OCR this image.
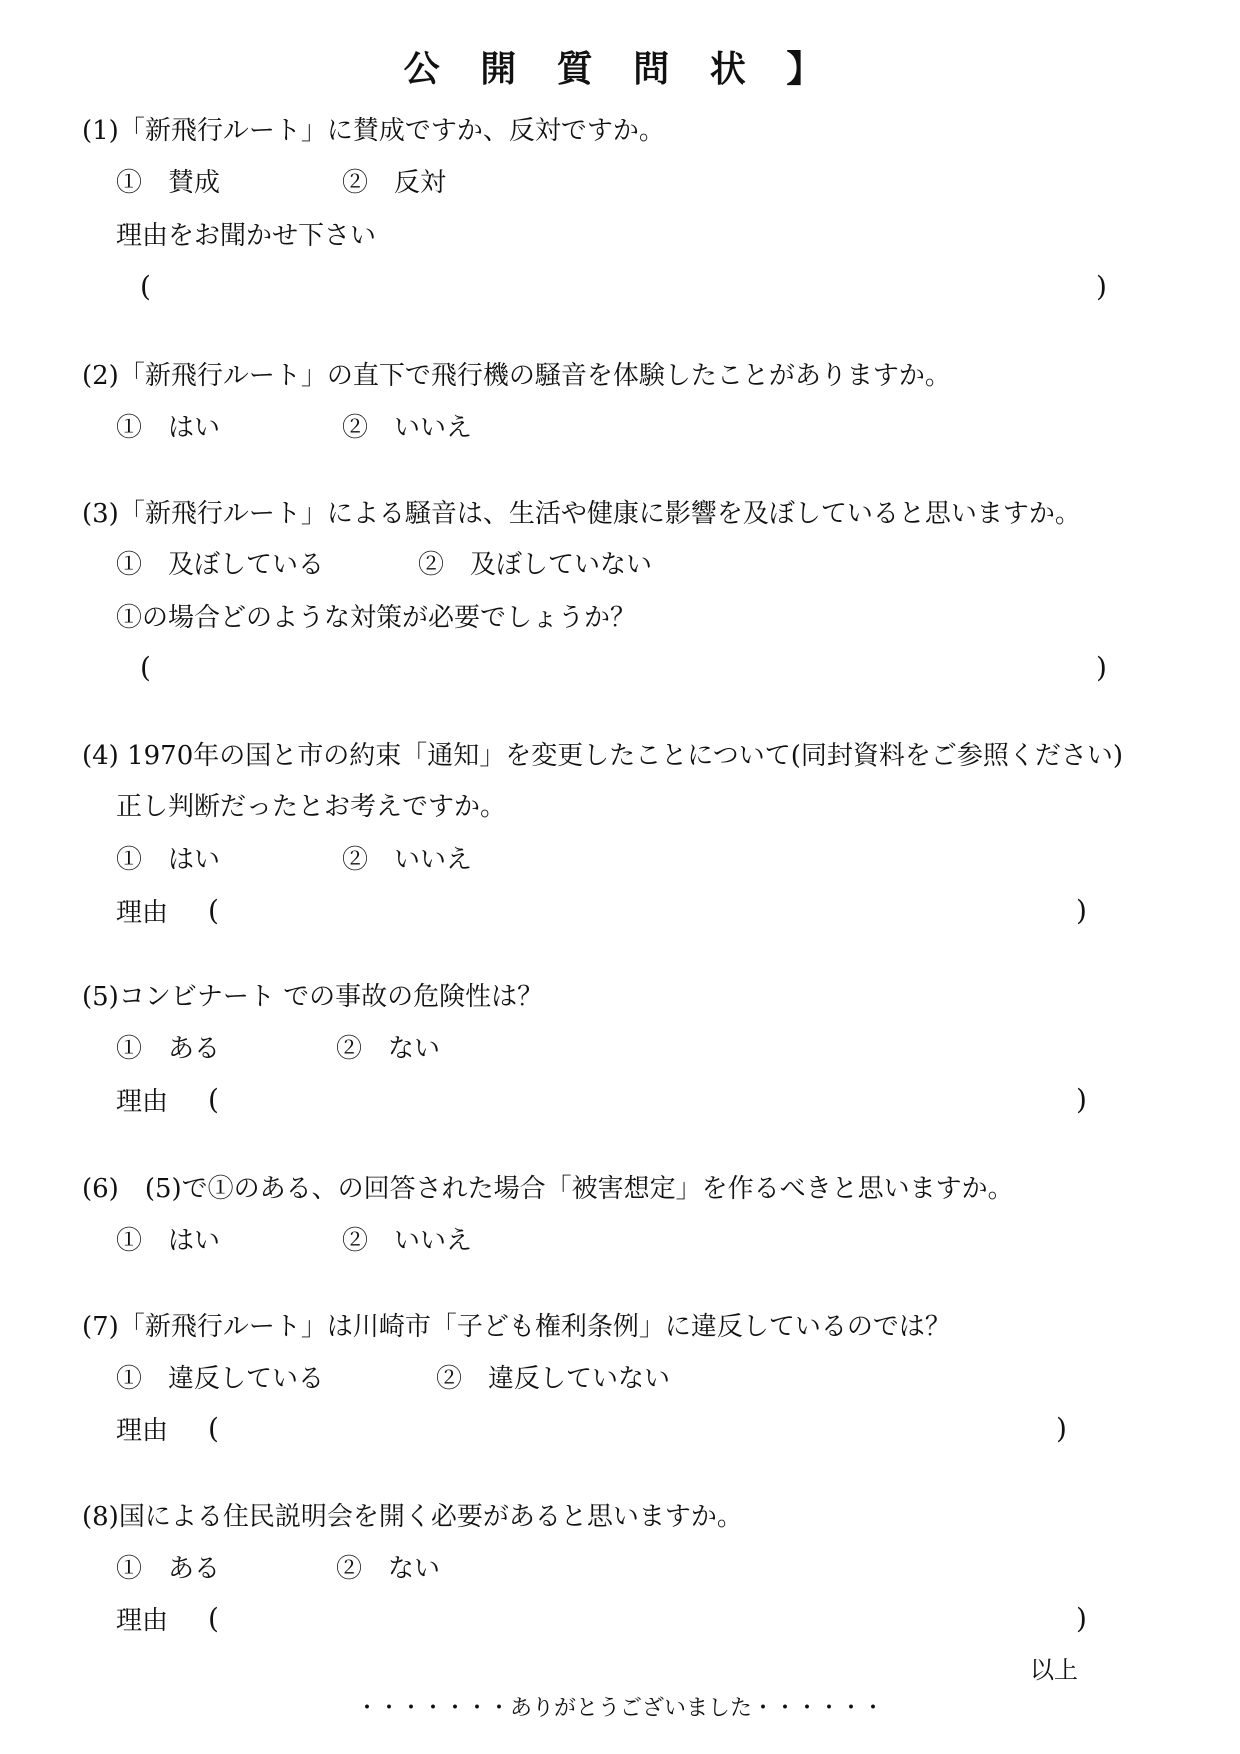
公 開 質 問 状 】
(1)「新飛行ルート」に賛成ですか、反対ですか。
①　賛成	②　反対
理由をお聞かせ下さい
(	)
(2)「新飛行ルート」の直下で飛行機の騒音を体験したことがありますか。
①　はい	②　いいえ
(3)「新飛行ルート」による騒音は、生活や健康に影響を及ぼしていると思いますか。
①　及ぼしている	②　及ぼしていない
①の場合どのような対策が必要でしょうか？
(	)
(4) 1970年の国と市の約束「通知」を変更したことについて(同封資料をご参照ください)
正し判断だったとお考えですか。
①　はい	②　いいえ
理由 (	)
(5)コンビナート での事故の危険性は？
①　ある	②　ない
理由 (	)
(6)　(5)で①のある、の回答された場合「被害想定」を作るべきと思いますか。
①　はい	②　いいえ
(7)「新飛行ルート」は川崎市「子ども権利条例」に違反しているのでは？
①　違反している	②　違反していない
理由 (	)
(8)国による住民説明会を開く必要があると思いますか。
①　ある	②　ない
理由 (	)
以上
・・・・・・・ありがとうございました・・・・・・
